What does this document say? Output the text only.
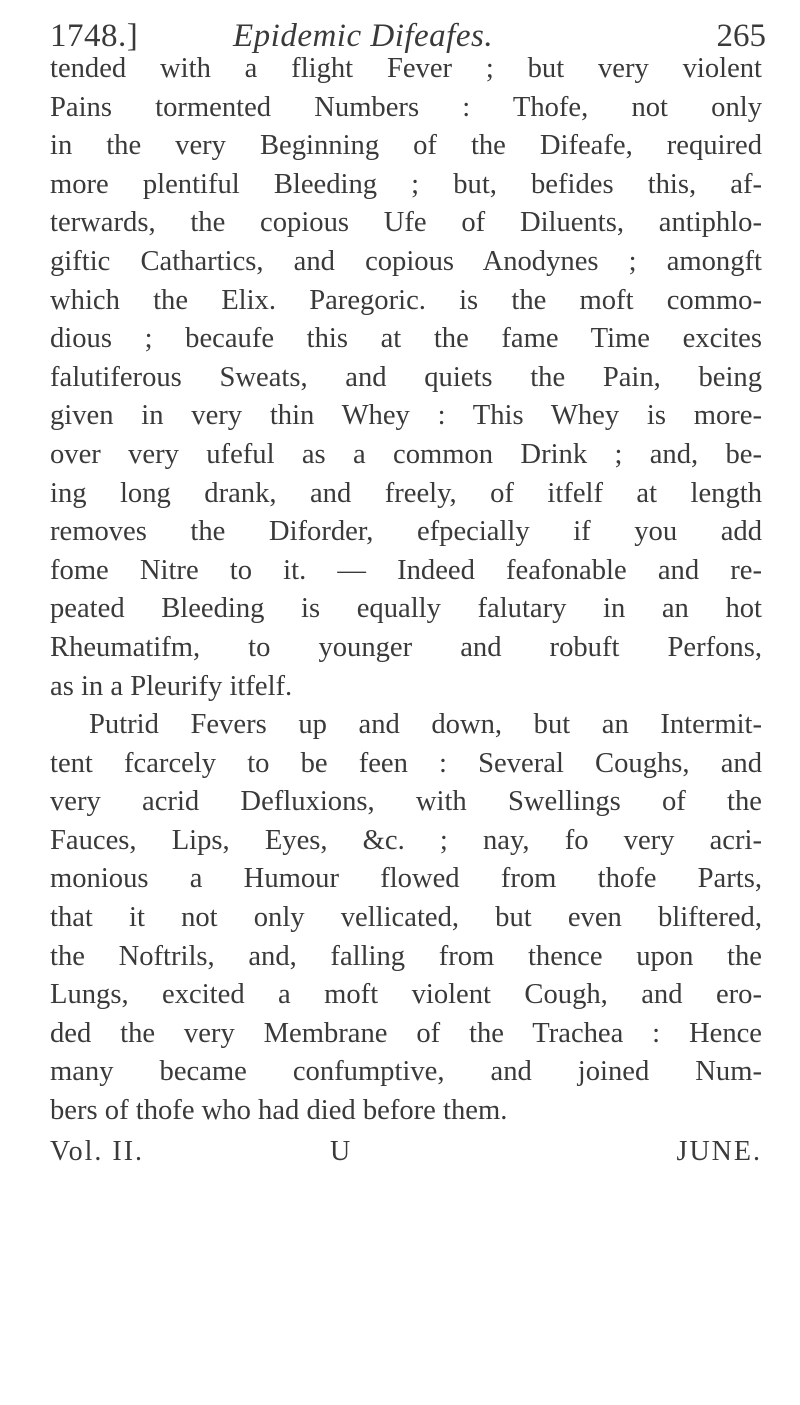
1748.]	Epidemic Difeafes.	265
tended with a flight Fever ; but very violent
Pains tormented Numbers : Thofe, not only
in the very Beginning of the Difeafe, required
more plentiful Bleeding ; but, befides this, af-
terwards, the copious Ufe of Diluents, antiphlo-
giftic Cathartics, and copious Anodynes ; amongft
which the Elix. Paregoric. is the moft commo-
dious ; becaufe this at the fame Time excites
falutiferous Sweats, and quiets the Pain, being
given in very thin Whey : This Whey is more-
over very ufeful as a common Drink ; and, be-
ing long drank, and freely, of itfelf at length
removes the Diforder, efpecially if you add
fome Nitre to it. — Indeed feafonable and re-
peated Bleeding is equally falutary in an hot
Rheumatifm, to younger and robuft Perfons,
as in a Pleurify itfelf.
Putrid Fevers up and down, but an Intermit-
tent fcarcely to be feen : Several Coughs, and
very acrid Defluxions, with Swellings of the
Fauces, Lips, Eyes, &c. ; nay, fo very acri-
monious a Humour flowed from thofe Parts,
that it not only vellicated, but even bliftered,
the Noftrils, and, falling from thence upon the
Lungs, excited a moft violent Cough, and ero-
ded the very Membrane of the Trachea : Hence
many became confumptive, and joined Num-
bers of thofe who had died before them.
Vol. II.	U	JUNE.
